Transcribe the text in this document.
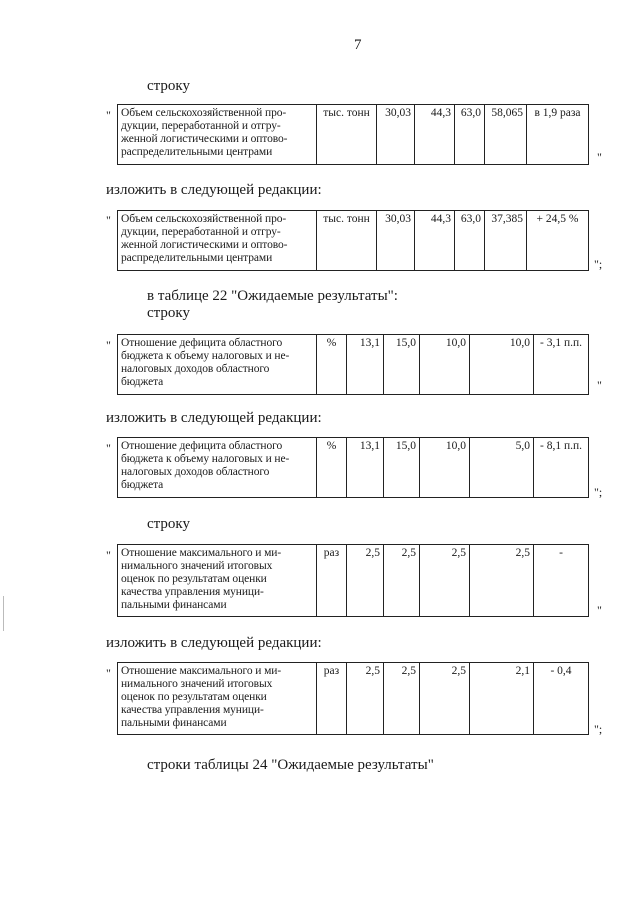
7
строку
" Объем сельскохозяйственной про-
дукции, переработанной и отгру-
женной логистическими и оптово-
распределительными центрами	тыс. тонн	30,03	44,3	63,0	58,065	в 1,9 раза
"
изложить в следующей редакции:
" Объем сельскохозяйственной про-
дукции, переработанной и отгру-
женной логистическими и оптово-
распределительными центрами	тыс. тонн	30,03	44,3	63,0	37,385	+ 24,5 %
";
в таблице 22 "Ожидаемые результаты":
строку
" Отношение дефицита областного
бюджета к объему налоговых и не-
налоговых доходов областного
бюджета	%	13,1	15,0	10,0	10,0	- 3,1 п.п.
"
изложить в следующей редакции:
" Отношение дефицита областного
бюджета к объему налоговых и не-
налоговых доходов областного
бюджета	%	13,1	15,0	10,0	5,0	- 8,1 п.п.
";
строку
" Отношение максимального и ми-
нимального значений итоговых
оценок по результатам оценки
качества управления муници-
пальными финансами	раз	2,5	2,5	2,5	2,5	-
"
изложить в следующей редакции:
" Отношение максимального и ми-
нимального значений итоговых
оценок по результатам оценки
качества управления муници-
пальными финансами	раз	2,5	2,5	2,5	2,1	- 0,4
";
строки таблицы 24 "Ожидаемые результаты"
